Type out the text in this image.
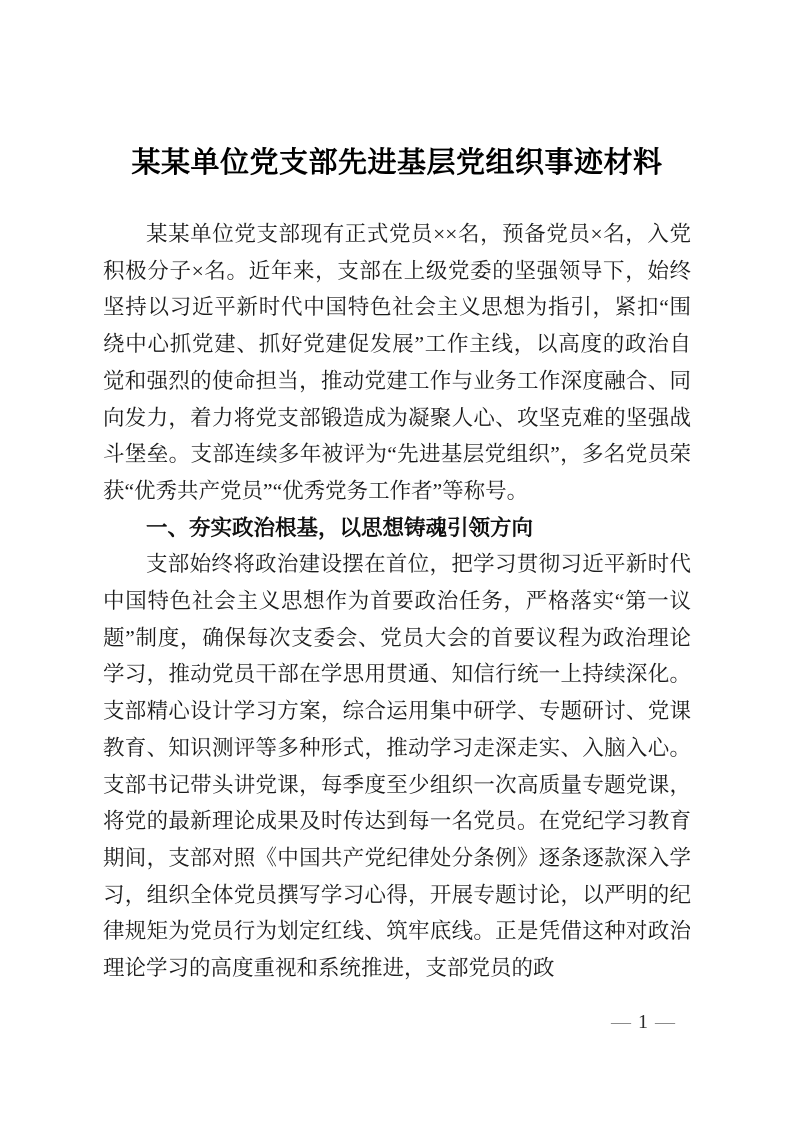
某某单位党支部先进基层党组织事迹材料

某某单位党支部现有正式党员××名，预备党员×名，入党积极分子×名。近年来，支部在上级党委的坚强领导下，始终坚持以习近平新时代中国特色社会主义思想为指引，紧扣“围绕中心抓党建、抓好党建促发展”工作主线，以高度的政治自觉和强烈的使命担当，推动党建工作与业务工作深度融合、同向发力，着力将党支部锻造成为凝聚人心、攻坚克难的坚强战斗堡垒。支部连续多年被评为“先进基层党组织”，多名党员荣获“优秀共产党员”“优秀党务工作者”等称号。

一、夯实政治根基，以思想铸魂引领方向

支部始终将政治建设摆在首位，把学习贯彻习近平新时代中国特色社会主义思想作为首要政治任务，严格落实“第一议题”制度，确保每次支委会、党员大会的首要议程为政治理论学习，推动党员干部在学思用贯通、知信行统一上持续深化。支部精心设计学习方案，综合运用集中研学、专题研讨、党课教育、知识测评等多种形式，推动学习走深走实、入脑入心。支部书记带头讲党课，每季度至少组织一次高质量专题党课，将党的最新理论成果及时传达到每一名党员。在党纪学习教育期间，支部对照《中国共产党纪律处分条例》逐条逐款深入学习，组织全体党员撰写学习心得，开展专题讨论，以严明的纪律规矩为党员行为划定红线、筑牢底线。正是凭借这种对政治理论学习的高度重视和系统推进，支部党员的政

— 1 —
